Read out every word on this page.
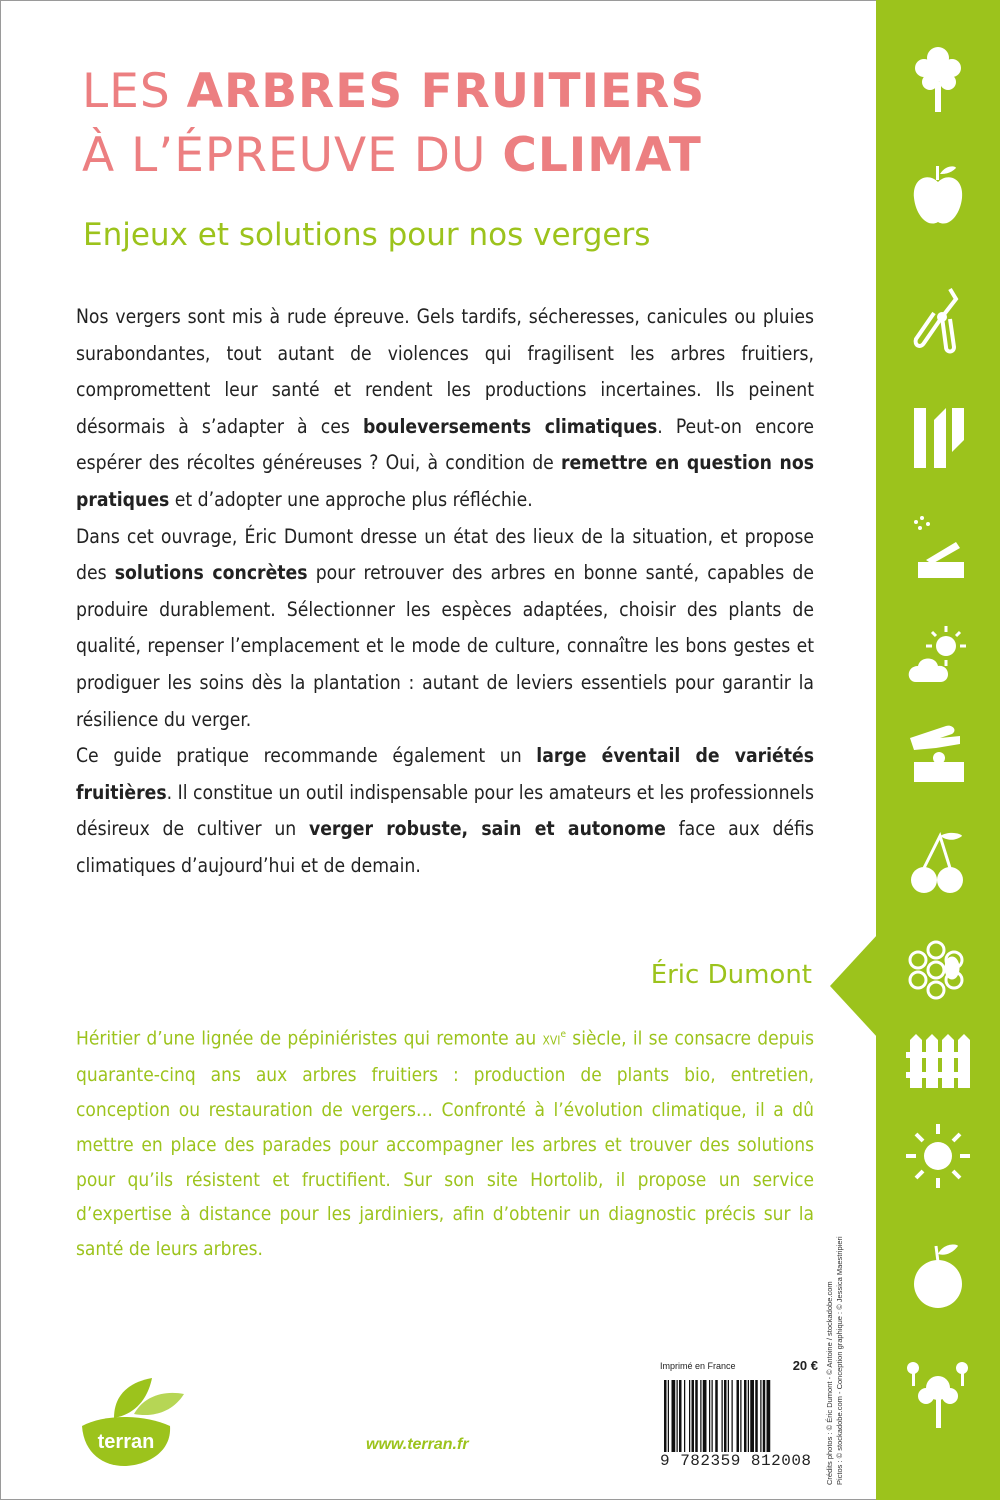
LES ARBRES FRUITIERS
À L’ÉPREUVE DU CLIMAT
Enjeux et solutions pour nos vergers

Nos vergers sont mis à rude épreuve. Gels tardifs, sécheresses, canicules ou pluies surabondantes, tout autant de violences qui fragilisent les arbres fruitiers, compromettent leur santé et rendent les productions incertaines. Ils peinent désormais à s’adapter à ces bouleversements climatiques. Peut-on encore espérer des récoltes généreuses ? Oui, à condition de remettre en question nos pratiques et d’adopter une approche plus réfléchie.

Dans cet ouvrage, Éric Dumont dresse un état des lieux de la situation, et propose des solutions concrètes pour retrouver des arbres en bonne santé, capables de produire durablement. Sélectionner les espèces adaptées, choisir des plants de qualité, repenser l’emplacement et le mode de culture, connaître les bons gestes et prodiguer les soins dès la plantation : autant de leviers essentiels pour garantir la résilience du verger.

Ce guide pratique recommande également un large éventail de variétés fruitières. Il constitue un outil indispensable pour les amateurs et les professionnels désireux de cultiver un verger robuste, sain et autonome face aux défis climatiques d’aujourd’hui et de demain.

Éric Dumont

Héritier d’une lignée de pépiniéristes qui remonte au XVIe siècle, il se consacre depuis quarante-cinq ans aux arbres fruitiers : production de plants bio, entretien, conception ou restauration de vergers… Confronté à l’évolution climatique, il a dû mettre en place des parades pour accompagner les arbres et trouver des solutions pour qu’ils résistent et fructifient. Sur son site Hortolib, il propose un service d’expertise à distance pour les jardiniers, afin d’obtenir un diagnostic précis sur la santé de leurs arbres.

terran	www.terran.fr
Imprimé en France	20 €
9 782359 812008	Crédits photos : © Éric Dumont - © Antoine / stockadobe.com Pictos : © stockadobe.com - Conception graphique : © Jessica Maestripieri
